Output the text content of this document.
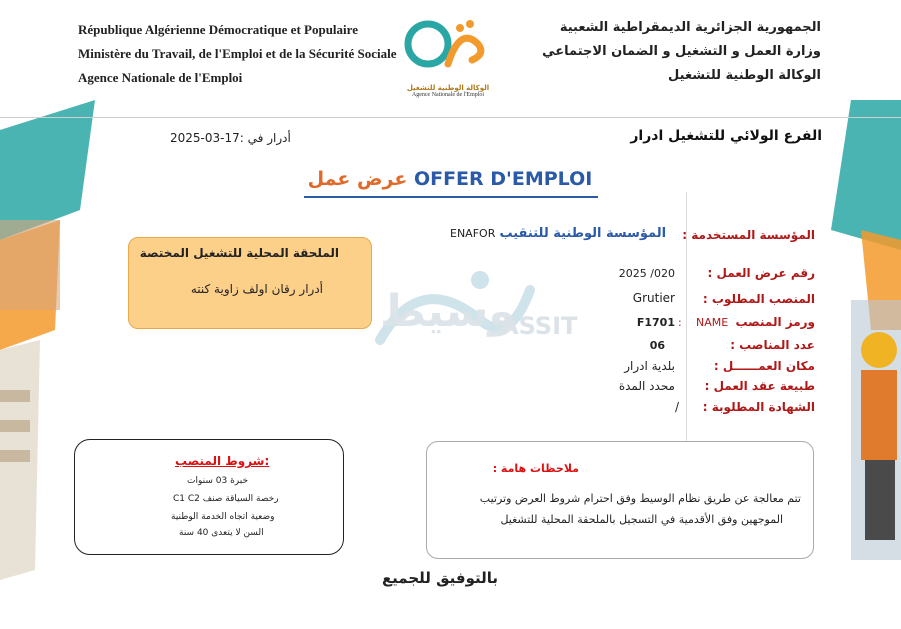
République Algérienne Démocratique et Populaire
Ministère du Travail, de l'Emploi et de la Sécurité Sociale
Agence Nationale de l'Emploi
الوكالة الوطنية للتشغيل
Agence Nationale de l'Emploi
الجمهورية الجزائرية الديمقراطية الشعبية
وزارة العمل و التشغيل و الضمان الاجتماعي
الوكالة الوطنية للتشغيل
الفرع الولائي للتشغيل ادرار
أدرار في :17-03-2025
عرض عمل OFFER D'EMPLOI
وسيط
ASSIT
المؤسسة المستخدمة :
المؤسسة الوطنية للتنقيب ENAFOR
رقم عرض العمل :
020/ 2025
المنصب المطلوب :
Grutier
ورمز المنصب
F1701 : NAME
عدد المناصب :
06
مكان العمــــــل :
بلدية ادرار
طبيعة عقد العمل :
محدد المدة
الشهادة المطلوبة :
/
الملحقة المحلية للتشغيل المختصة
أدرار رقان اولف زاوية كنته
شروط المنصب:
خبرة 03 سنوات
رخصة السياقة صنف C1 C2
وضعية اتجاه الخدمة الوطنية
السن لا يتعدى 40 سنة
ملاحظات هامة :
تتم معالجة عن طريق نظام الوسيط وفق احترام شروط العرض وترتيب
الموجهين وفق الأقدمية في التسجيل بالملحقة المحلية للتشغيل
بالتوفيق للجميع
